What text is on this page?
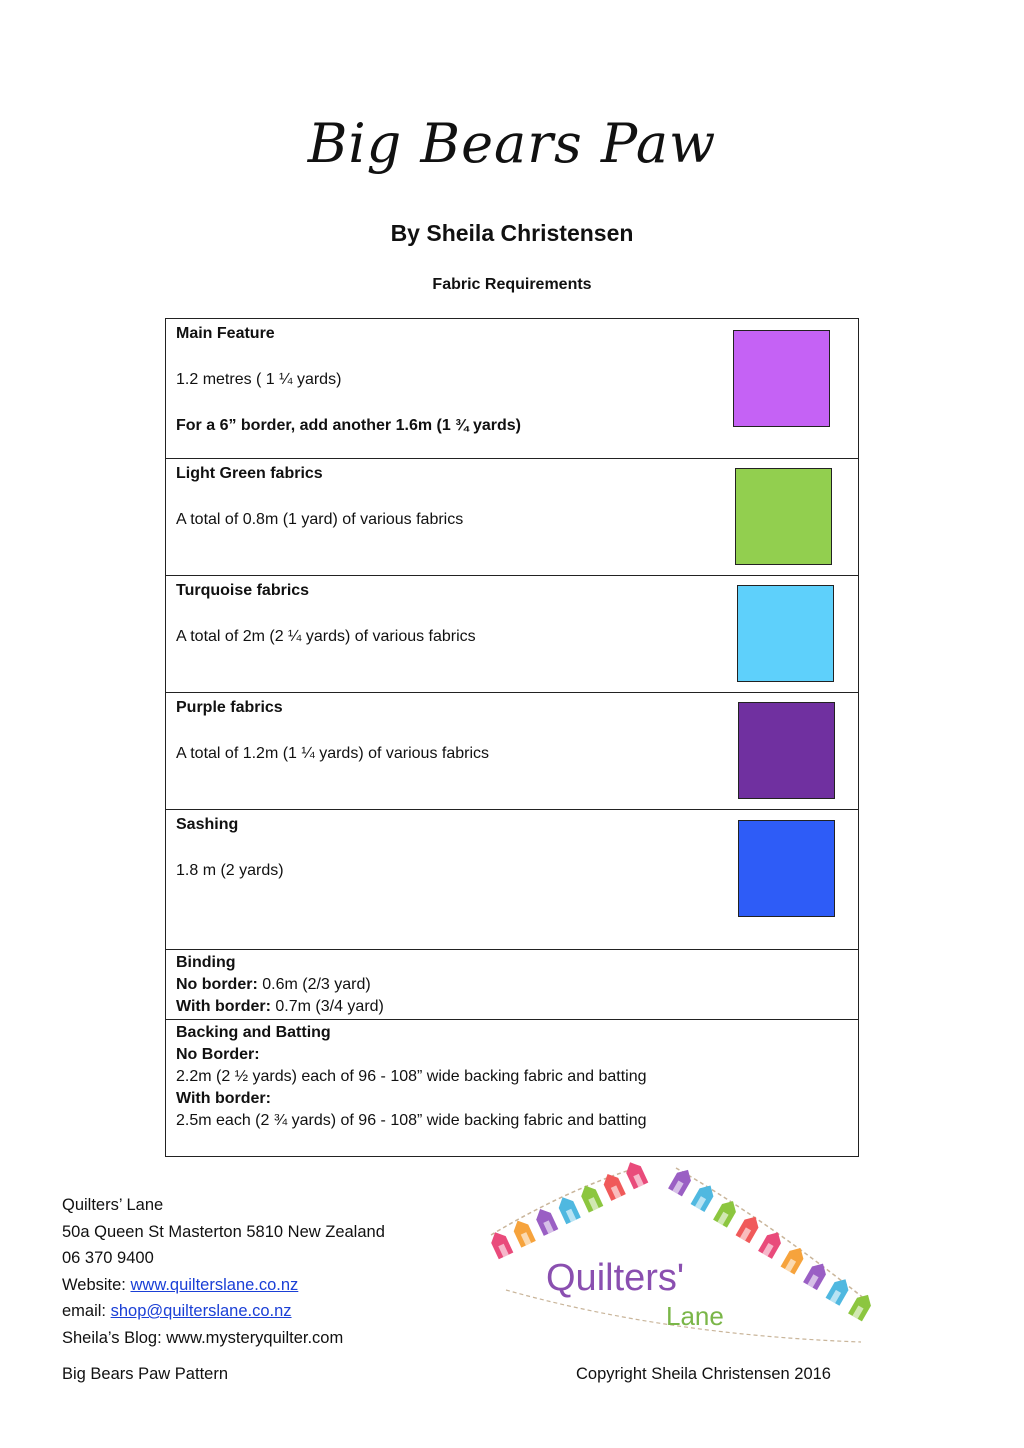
Big Bears Paw
By Sheila Christensen
Fabric Requirements
Main Feature
1.2 metres ( 1 ¼ yards)
For a 6” border, add another 1.6m (1 ¾ yards)
Light Green fabrics
A total of 0.8m (1 yard) of various fabrics
Turquoise fabrics
A total of 2m (2 ¼ yards) of various fabrics
Purple fabrics
A total of 1.2m (1 ¼ yards) of various fabrics
Sashing
1.8 m (2 yards)
Binding
No border: 0.6m (2/3 yard)
With border: 0.7m (3/4 yard)
Backing and Batting
No Border:
2.2m (2 ½ yards) each of 96 - 108” wide backing fabric and batting
With border:
2.5m each (2 ¾ yards) of 96 - 108” wide backing fabric and batting
Quilters’ Lane
50a Queen St Masterton 5810 New Zealand
06 370 9400
Website: www.quilterslane.co.nz
email: shop@quilterslane.co.nz
Sheila’s Blog: www.mysteryquilter.com
Quilters'
Lane
Big Bears Paw Pattern	Copyright Sheila Christensen 2016
